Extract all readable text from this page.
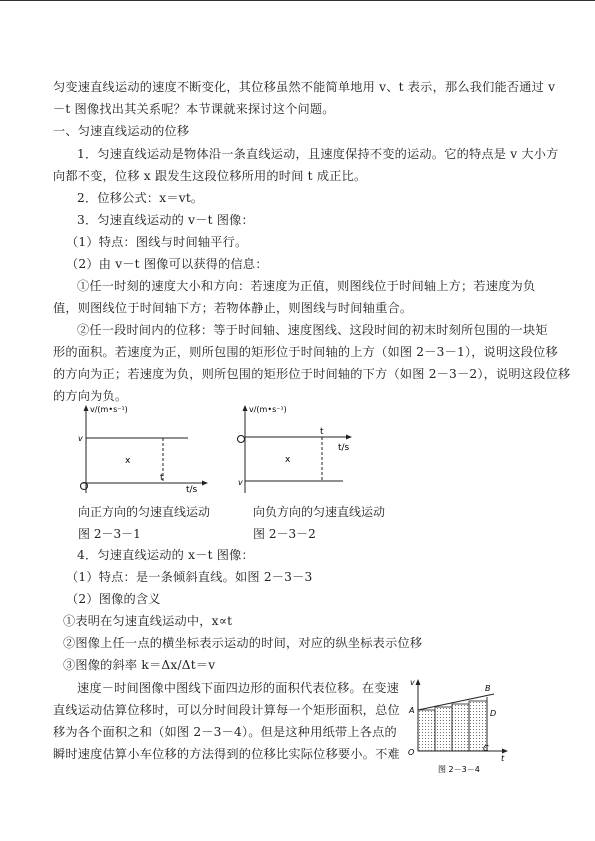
匀变速直线运动的速度不断变化，其位移虽然不能简单地用 v、t 表示，那么我们能否通过 v

－t 图像找出其关系呢？本节课就来探讨这个问题。

一、匀速直线运动的位移

1．匀速直线运动是物体沿一条直线运动，且速度保持不变的运动。它的特点是 v 大小方

向都不变，位移 x 跟发生这段位移所用的时间 t 成正比。

2．位移公式：x＝vt。

3．匀速直线运动的 v－t 图像：

（1）特点：图线与时间轴平行。

（2）由 v－t 图像可以获得的信息：

①任一时刻的速度大小和方向：若速度为正值，则图线位于时间轴上方；若速度为负

值，则图线位于时间轴下方；若物体静止，则图线与时间轴重合。

②任一段时间内的位移：等于时间轴、速度图线、这段时间的初末时刻所包围的一块矩

形的面积。若速度为正，则所包围的矩形位于时间轴的上方（如图 2－3－1），说明这段位移

的方向为正；若速度为负，则所包围的矩形位于时间轴的下方（如图 2－3－2），说明这段位移

的方向为负。

v/(m•s⁻¹)
v
x
t
t/s
v/(m•s⁻¹)
v
x
t
t/s
向正方向的匀速直线运动
图 2－3－1
向负方向的匀速直线运动
图 2－3－2

4．匀速直线运动的 x－t 图像：

（1）特点：是一条倾斜直线。如图 2－3－3

（2）图像的含义

①表明在匀速直线运动中，x∝t

②图像上任一点的横坐标表示运动的时间，对应的纵坐标表示位移

③图像的斜率 k＝Δx/Δt＝v

速度－时间图像中图线下面四边形的面积代表位移。在变速

直线运动估算位移时，可以分时间段计算每一个矩形面积，总位

移为各个面积之和（如图 2－3－4）。但是这种用纸带上各点的

瞬时速度估算小车位移的方法得到的位移比实际位移要小。不难

v
A
B
D
C
O
t
图 2－3－4
